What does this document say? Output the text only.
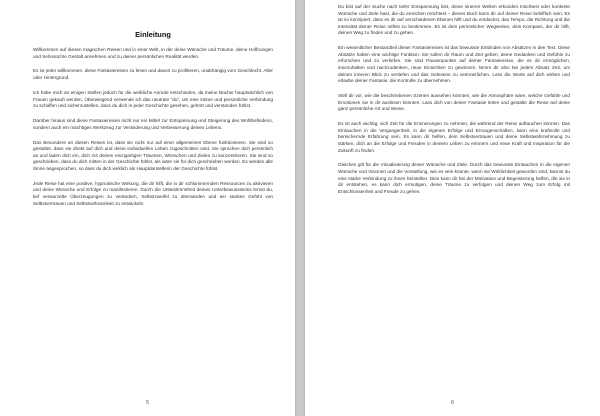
Einleitung

Willkommen auf diesen magischen Reisen und in einer Welt, in der deine Wünsche und Träume, deine Hoffnungen und Sehnsüchte Gestalt annehmen und zu deiner persönlichen Realität werden.

Es ist jeder willkommen, diese Fantasiereisen zu lesen und davon zu profitieren, unabhängig vom Geschlecht, Alter oder Hintergrund.

Ich habe mich an einigen Stellen jedoch für die weibliche Anrede entschieden, da meine Bücher hauptsächlich von Frauen gekauft werden. Überwiegend verwende ich das neutrale "du", um eine intime und persönliche Verbindung zu schaffen und sicherzustellen, dass du dich in jeder Geschichte gesehen, gehört und verstanden fühlst.

Darüber hinaus sind diese Fantasiereisen nicht nur ein Mittel zur Entspannung und Steigerung des Wohlbefindens, sondern auch ein mächtiges Werkzeug zur Veränderung und Verbesserung deines Lebens.

Das Besondere an diesen Reisen ist, dass sie nicht nur auf einer allgemeinen Ebene funktionieren. Sie sind so gestaltet, dass sie direkt auf dich und deine individuellen Leben zugeschnitten sind. Sie sprechen dich persönlich an und laden dich ein, dich mit deinen einzigartigen Träumen, Wünschen und Zielen zu konzentrieren. Sie sind so geschrieben, dass du dich mitten in der Geschichte fühlst, als wäre sie für dich geschrieben worden. Es werden alle Sinne angesprochen, so dass du dich wirklich als Hauptdarstellerin der Geschichte fühlst.

Jede Reise hat eine positive, hypnotische Wirkung, die dir hilft, die in dir schlummernden Ressourcen zu aktivieren und deine Wünsche und Erfolge zu manifestieren. Durch die Unbestimmtheit deines Unterbewusstseins lernst du, tief verwurzelte Überzeugungen zu verändern, Selbstzweifel zu überwinden und ein starkes Gefühl von Selbstvertrauen und Selbstwirksamkeit zu entwickeln.

5

Du bist auf der Suche nach tiefer Entspannung bist, deine inneren Welten erkunden möchtest oder konkrete Wünsche und Ziele hast, die du erreichen möchtest – dieses Buch kann dir auf deiner Reise behilflich sein. Es ist so konzipiert, dass es dir auf verschiedenen Ebenen hilft und du entdeckst, das Tempo, die Richtung und die Intensität deiner Reise selbst zu bestimmen. Es ist dein persönlicher Wegweiser, dein Kompass, der dir hilft, deinen Weg zu finden und zu gehen.

Ein wesentlicher Bestandteil dieser Fantasiereisen ist das bewusste Einbinden von Absätzen in den Text. Diese Absätze haben eine wichtige Funktion: Sie sollen dir Raum und Zeit geben, deine Gedanken und Gefühle zu erforschen und zu vertiefen. Sie sind Pausenpunkte auf deiner Fantasiereise, die es dir ermöglichen, innezuhalten und nachzudenken, neue Einsichten zu gewinnen. Nimm dir also bei jedem Absatz Zeit, um deinen inneren Blick zu vertiefen und das Gelesene zu verinnerlichen. Lass die Worte auf dich wirken und erlaube deiner Fantasie, die Kontrolle zu übernehmen.

Stell dir vor, wie die beschriebenen Szenen aussehen könnten, wie die Atmosphäre wäre, welche Gefühle und Emotionen sie in dir auslösen könnten. Lass dich von deiner Fantasie leiten und gestalte die Reise auf deine ganz persönliche Art und Weise.

Es ist auch wichtig, sich Zeit für die Erinnerungen zu nehmen, die während der Reise auftauchen können. Das Eintauchen in die Vergangenheit, in die eigenen Erfolge und Errungenschaften, kann eine kraftvolle und bereichernde Erfahrung sein. Es kann dir helfen, dein Selbstvertrauen und deine Selbstwahrnehmung zu stärken, dich an die Erfolge und Freuden in deinem Leben zu erinnern und neue Kraft und Inspiration für die Zukunft zu finden.

Gleiches gilt für die Visualisierung deiner Wünsche und Ziele. Durch das bewusste Eintauchen in die eigenen Wünsche und Visionen und die Vorstellung, wie es sein könnte, wenn sie Wirklichkeit geworden sind, kannst du eine starke Verbindung zu ihnen herstellen. Dies kann dir bei der Motivation und Begeisterung helfen, die sie in dir entstehen, es kann dich ermutigen, deine Träume zu verfolgen und deinen Weg zum Erfolg mit Entschlossenheit und Freude zu gehen.

6
